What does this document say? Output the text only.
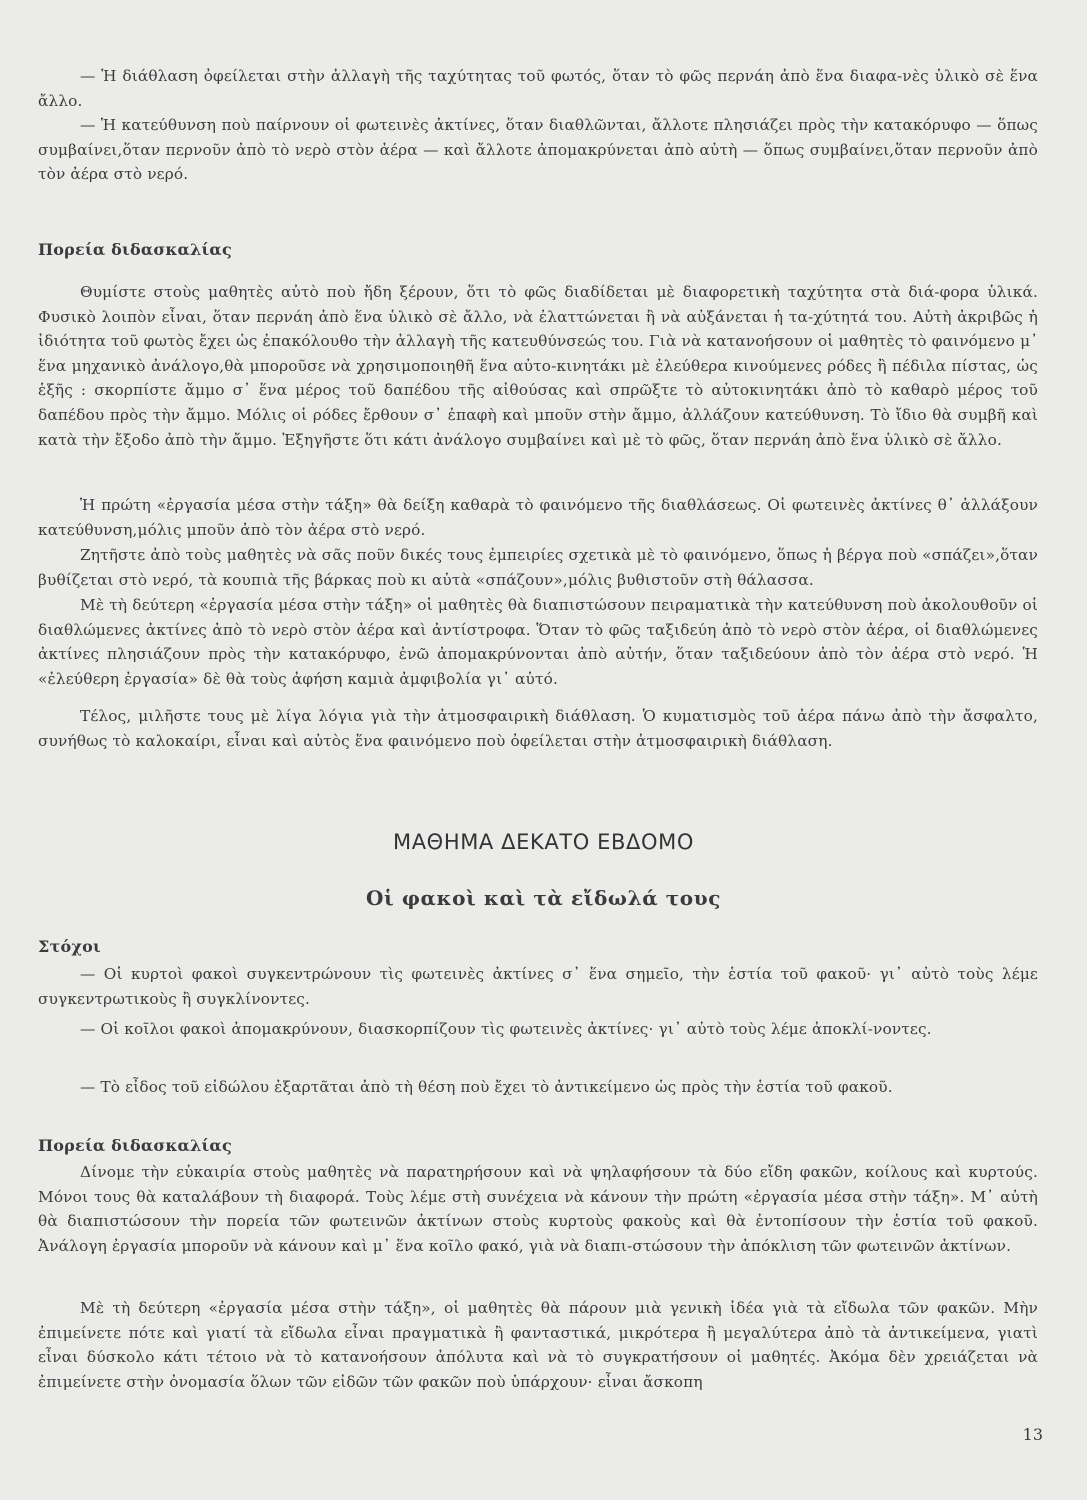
— Ἡ διάθλαση ὀφείλεται στὴν ἀλλαγὴ τῆς ταχύτητας τοῦ φωτός, ὅταν τὸ φῶς περνάη ἀπὸ ἕνα διαφα-νὲς ὑλικὸ σὲ ἕνα ἄλλο.

— Ἡ κατεύθυνση ποὺ παίρνουν οἱ φωτεινὲς ἀκτίνες, ὅταν διαθλῶνται, ἄλλοτε πλησιάζει πρὸς τὴν κατακόρυφο — ὅπως συμβαίνει,ὅταν περνοῦν ἀπὸ τὸ νερὸ στὸν ἀέρα — καὶ ἄλλοτε ἀπομακρύνεται ἀπὸ αὐτὴ — ὅπως συμβαίνει,ὅταν περνοῦν ἀπὸ τὸν ἀέρα στὸ νερό.

Πορεία διδασκαλίας

Θυμίστε στοὺς μαθητὲς αὐτὸ ποὺ ἤδη ξέρουν, ὅτι τὸ φῶς διαδίδεται μὲ διαφορετικὴ ταχύτητα στὰ διά-φορα ὑλικά. Φυσικὸ λοιπὸν εἶναι, ὅταν περνάη ἀπὸ ἕνα ὑλικὸ σὲ ἄλλο, νὰ ἐλαττώνεται ἢ νὰ αὐξάνεται ἡ τα-χύτητά του. Αὐτὴ ἀκριβῶς ἡ ἰδιότητα τοῦ φωτὸς ἔχει ὡς ἐπακόλουθο τὴν ἀλλαγὴ τῆς κατευθύνσεώς του. Γιὰ νὰ κατανοήσουν οἱ μαθητὲς τὸ φαινόμενο μ᾽ ἕνα μηχανικὸ ἀνάλογο,θὰ μποροῦσε νὰ χρησιμοποιηθῆ ἕνα αὐτο-κινητάκι μὲ ἐλεύθερα κινούμενες ρόδες ἢ πέδιλα πίστας, ὡς ἑξῆς : σκορπίστε ἄμμο σ᾽ ἕνα μέρος τοῦ δαπέδου τῆς αἰθούσας καὶ σπρῶξτε τὸ αὐτοκινητάκι ἀπὸ τὸ καθαρὸ μέρος τοῦ δαπέδου πρὸς τὴν ἄμμο. Μόλις οἱ ρόδες ἔρθουν σ᾽ ἐπαφὴ καὶ μποῦν στὴν ἄμμο, ἀλλάζουν κατεύθυνση. Τὸ ἴδιο θὰ συμβῆ καὶ κατὰ τὴν ἔξοδο ἀπὸ τὴν ἄμμο. Ἐξηγῆστε ὅτι κάτι ἀνάλογο συμβαίνει καὶ μὲ τὸ φῶς, ὅταν περνάη ἀπὸ ἕνα ὑλικὸ σὲ ἄλλο.

Ἡ πρώτη «ἐργασία μέσα στὴν τάξη» θὰ δείξη καθαρὰ τὸ φαινόμενο τῆς διαθλάσεως. Οἱ φωτεινὲς ἀκτίνες θ᾽ ἀλλάξουν κατεύθυνση,μόλις μποῦν ἀπὸ τὸν ἀέρα στὸ νερό.

Ζητῆστε ἀπὸ τοὺς μαθητὲς νὰ σᾶς ποῦν δικές τους ἐμπειρίες σχετικὰ μὲ τὸ φαινόμενο, ὅπως ἡ βέργα ποὺ «σπάζει»,ὅταν βυθίζεται στὸ νερό, τὰ κουπιὰ τῆς βάρκας ποὺ κι αὐτὰ «σπάζουν»,μόλις βυθιστοῦν στὴ θάλασσα.

Μὲ τὴ δεύτερη «ἐργασία μέσα στὴν τάξη» οἱ μαθητὲς θὰ διαπιστώσουν πειραματικὰ τὴν κατεύθυνση ποὺ ἀκολουθοῦν οἱ διαθλώμενες ἀκτίνες ἀπὸ τὸ νερὸ στὸν ἀέρα καὶ ἀντίστροφα. Ὅταν τὸ φῶς ταξιδεύη ἀπὸ τὸ νερὸ στὸν ἀέρα, οἱ διαθλώμενες ἀκτίνες πλησιάζουν πρὸς τὴν κατακόρυφο, ἐνῶ ἀπομακρύνονται ἀπὸ αὐτήν, ὅταν ταξιδεύουν ἀπὸ τὸν ἀέρα στὸ νερό. Ἡ «ἐλεύθερη ἐργασία» δὲ θὰ τοὺς ἀφήση καμιὰ ἀμφιβολία γι᾽ αὐτό.

Τέλος, μιλῆστε τους μὲ λίγα λόγια γιὰ τὴν ἀτμοσφαιρικὴ διάθλαση. Ὁ κυματισμὸς τοῦ ἀέρα πάνω ἀπὸ τὴν ἄσφαλτο, συνήθως τὸ καλοκαίρι, εἶναι καὶ αὐτὸς ἕνα φαινόμενο ποὺ ὀφείλεται στὴν ἀτμοσφαιρικὴ διάθλαση.

ΜΑΘΗΜΑ ΔΕΚΑΤΟ ΕΒΔΟΜΟ

Οἱ φακοὶ καὶ τὰ εἴδωλά τους

Στόχοι

— Οἱ κυρτοὶ φακοὶ συγκεντρώνουν τὶς φωτεινὲς ἀκτίνες σ᾽ ἕνα σημεῖο, τὴν ἑστία τοῦ φακοῦ· γι᾽ αὐτὸ τοὺς λέμε συγκεντρωτικοὺς ἢ συγκλίνοντες.

— Οἱ κοῖλοι φακοὶ ἀπομακρύνουν, διασκορπίζουν τὶς φωτεινὲς ἀκτίνες· γι᾽ αὐτὸ τοὺς λέμε ἀποκλί-νοντες.

— Τὸ εἶδος τοῦ εἰδώλου ἐξαρτᾶται ἀπὸ τὴ θέση ποὺ ἔχει τὸ ἀντικείμενο ὡς πρὸς τὴν ἑστία τοῦ φακοῦ.

Πορεία διδασκαλίας

Δίνομε τὴν εὐκαιρία στοὺς μαθητὲς νὰ παρατηρήσουν καὶ νὰ ψηλαφήσουν τὰ δύο εἴδη φακῶν, κοίλους καὶ κυρτούς. Μόνοι τους θὰ καταλάβουν τὴ διαφορά. Τοὺς λέμε στὴ συνέχεια νὰ κάνουν τὴν πρώτη «ἐργασία μέσα στὴν τάξη». Μ᾽ αὐτὴ θὰ διαπιστώσουν τὴν πορεία τῶν φωτεινῶν ἀκτίνων στοὺς κυρτοὺς φακοὺς καὶ θὰ ἐντοπίσουν τὴν ἑστία τοῦ φακοῦ. Ἀνάλογη ἐργασία μποροῦν νὰ κάνουν καὶ μ᾽ ἕνα κοῖλο φακό, γιὰ νὰ διαπι-στώσουν τὴν ἀπόκλιση τῶν φωτεινῶν ἀκτίνων.

Μὲ τὴ δεύτερη «ἐργασία μέσα στὴν τάξη», οἱ μαθητὲς θὰ πάρουν μιὰ γενικὴ ἰδέα γιὰ τὰ εἴδωλα τῶν φακῶν. Μὴν ἐπιμείνετε πότε καὶ γιατί τὰ εἴδωλα εἶναι πραγματικὰ ἢ φανταστικά, μικρότερα ἢ μεγαλύτερα ἀπὸ τὰ ἀντικείμενα, γιατὶ εἶναι δύσκολο κάτι τέτοιο νὰ τὸ κατανοήσουν ἀπόλυτα καὶ νὰ τὸ συγκρατήσουν οἱ μαθητές. Ἀκόμα δὲν χρειάζεται νὰ ἐπιμείνετε στὴν ὀνομασία ὅλων τῶν εἰδῶν τῶν φακῶν ποὺ ὑπάρχουν· εἶναι ἄσκοπη

13
